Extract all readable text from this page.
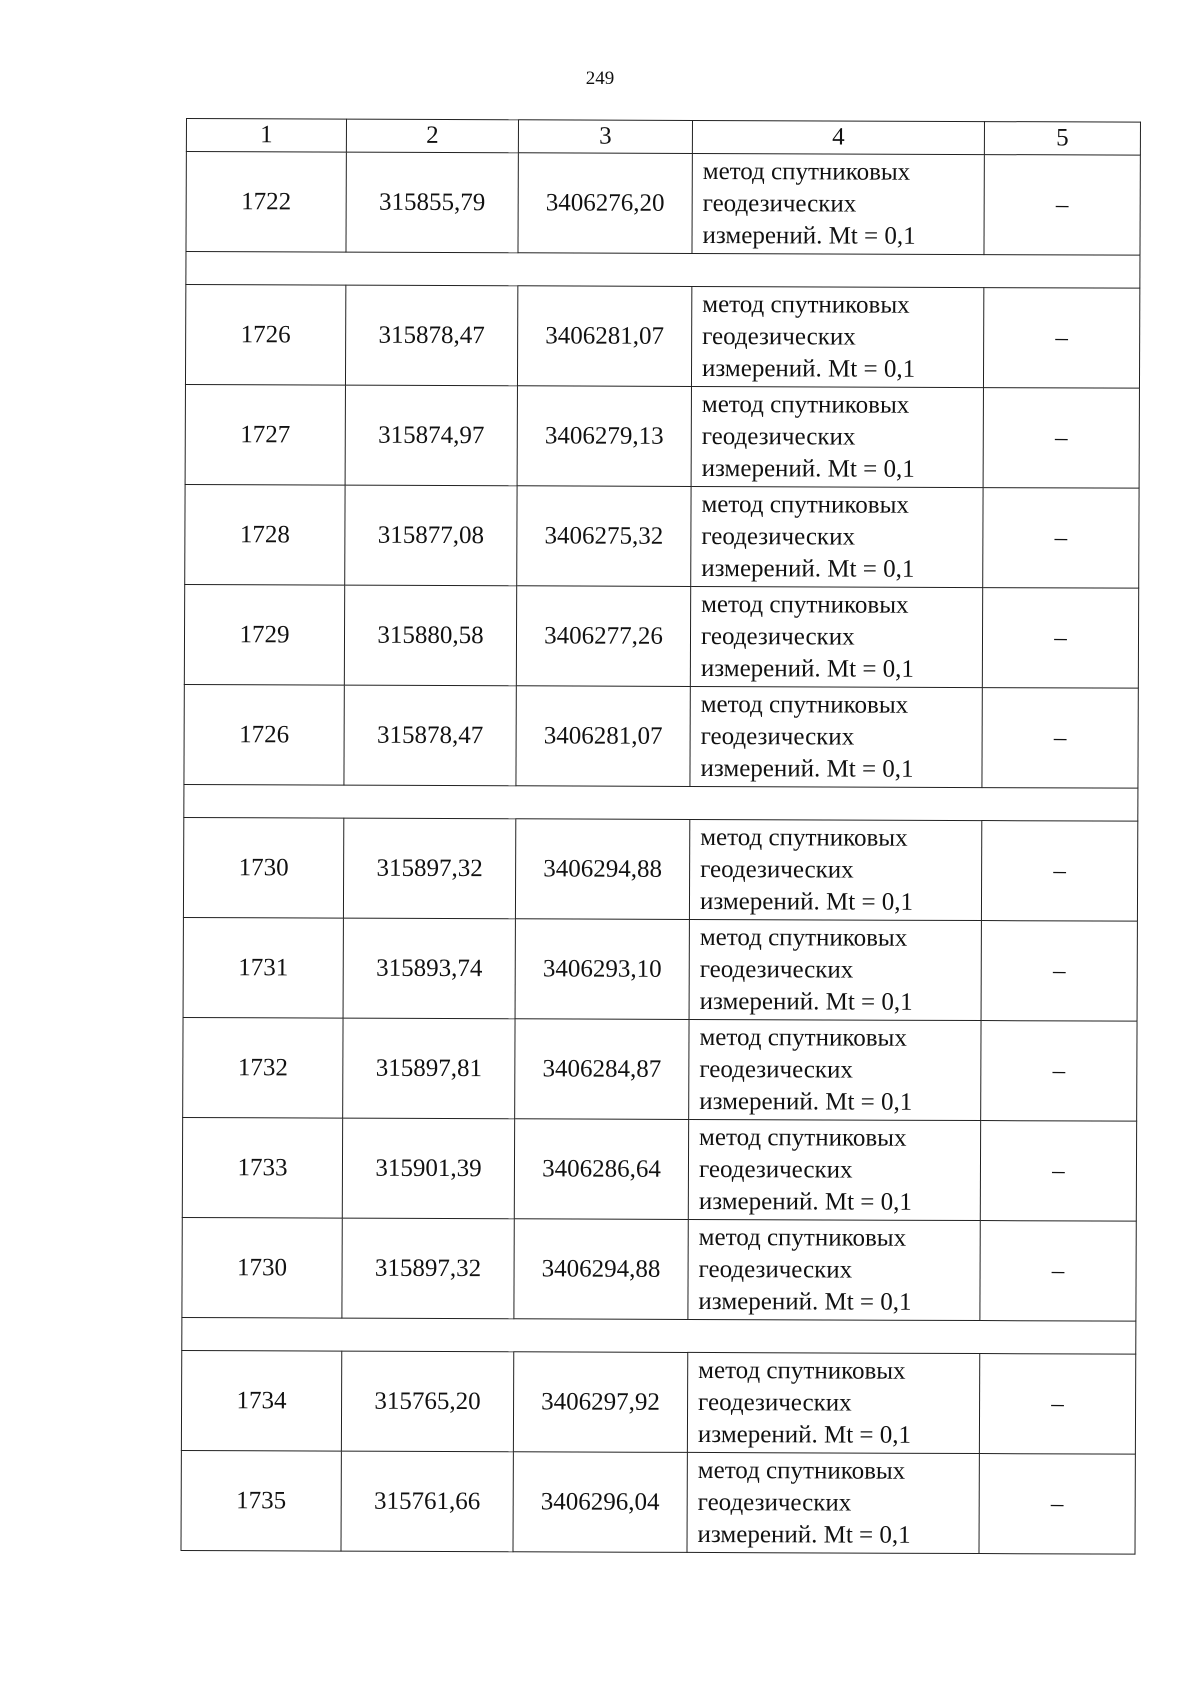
249
1	2	3	4	5
1722	315855,79	3406276,20	метод спутниковых
геодезических
измерений. Mt = 0,1	–

1726	315878,47	3406281,07	метод спутниковых
геодезических
измерений. Mt = 0,1	–
1727	315874,97	3406279,13	метод спутниковых
геодезических
измерений. Mt = 0,1	–
1728	315877,08	3406275,32	метод спутниковых
геодезических
измерений. Mt = 0,1	–
1729	315880,58	3406277,26	метод спутниковых
геодезических
измерений. Mt = 0,1	–
1726	315878,47	3406281,07	метод спутниковых
геодезических
измерений. Mt = 0,1	–

1730	315897,32	3406294,88	метод спутниковых
геодезических
измерений. Mt = 0,1	–
1731	315893,74	3406293,10	метод спутниковых
геодезических
измерений. Mt = 0,1	–
1732	315897,81	3406284,87	метод спутниковых
геодезических
измерений. Mt = 0,1	–
1733	315901,39	3406286,64	метод спутниковых
геодезических
измерений. Mt = 0,1	–
1730	315897,32	3406294,88	метод спутниковых
геодезических
измерений. Mt = 0,1	–

1734	315765,20	3406297,92	метод спутниковых
геодезических
измерений. Mt = 0,1	–
1735	315761,66	3406296,04	метод спутниковых
геодезических
измерений. Mt = 0,1	–
